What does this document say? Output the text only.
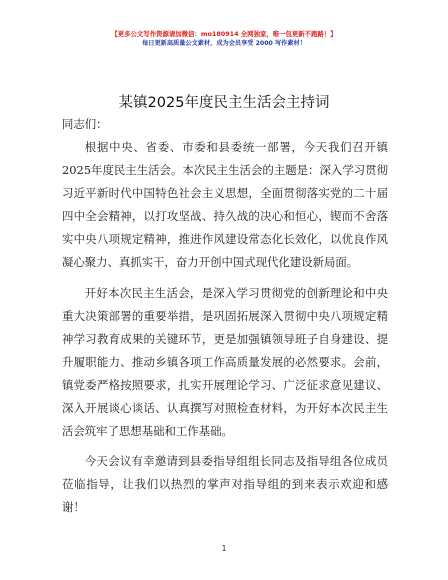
【更多公文写作资源请加微信：mo180914 全网独家，唯一包更新不跑路！】
每日更新高质量公文素材，成为会员享受 2000 写作素材！
某镇2025年度民主生活会主持词

同志们：

根据中央、省委、市委和县委统一部署，今天我们召开镇2025年度民主生活会。本次民主生活会的主题是：深入学习贯彻习近平新时代中国特色社会主义思想，全面贯彻落实党的二十届四中全会精神，以打攻坚战、持久战的决心和恒心，锲而不舍落实中央八项规定精神，推进作风建设常态化长效化，以优良作风凝心聚力、真抓实干，奋力开创中国式现代化建设新局面。

开好本次民主生活会，是深入学习贯彻党的创新理论和中央重大决策部署的重要举措，是巩固拓展深入贯彻中央八项规定精神学习教育成果的关键环节，更是加强镇领导班子自身建设、提升履职能力、推动乡镇各项工作高质量发展的必然要求。会前，镇党委严格按照要求，扎实开展理论学习、广泛征求意见建议、深入开展谈心谈话、认真撰写对照检查材料，为开好本次民主生活会筑牢了思想基础和工作基础。

今天会议有幸邀请到县委指导组组长同志及指导组各位成员莅临指导，让我们以热烈的掌声对指导组的到来表示欢迎和感谢！

1
